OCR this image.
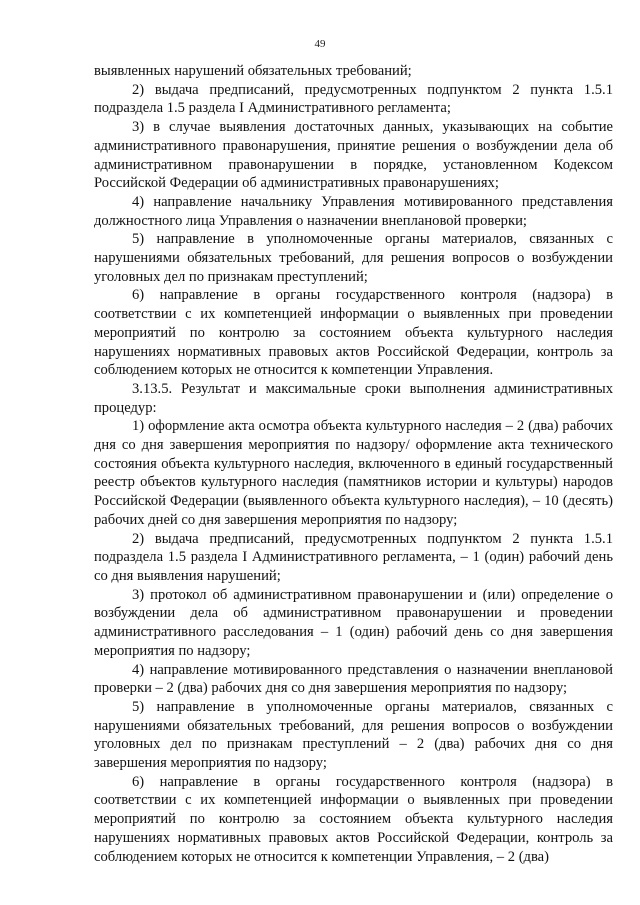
49

выявленных нарушений обязательных требований;

2) выдача предписаний, предусмотренных подпунктом 2 пункта 1.5.1 подраздела 1.5 раздела I Административного регламента;

3) в случае выявления достаточных данных, указывающих на событие административного правонарушения, принятие решения о возбуждении дела об административном правонарушении в порядке, установленном Кодексом Российской Федерации об административных правонарушениях;

4) направление начальнику Управления мотивированного представления должностного лица Управления о назначении внеплановой проверки;

5) направление в уполномоченные органы материалов, связанных с нарушениями обязательных требований, для решения вопросов о возбуждении уголовных дел по признакам преступлений;

6) направление в органы государственного контроля (надзора) в соответствии с их компетенцией информации о выявленных при проведении мероприятий по контролю за состоянием объекта культурного наследия нарушениях нормативных правовых актов Российской Федерации, контроль за соблюдением которых не относится к компетенции Управления.

3.13.5. Результат и максимальные сроки выполнения административных процедур:

1) оформление акта осмотра объекта культурного наследия – 2 (два) рабочих дня со дня завершения мероприятия по надзору/ оформление акта технического состояния объекта культурного наследия, включенного в единый государственный реестр объектов культурного наследия (памятников истории и культуры) народов Российской Федерации (выявленного объекта культурного наследия), – 10 (десять) рабочих дней со дня завершения мероприятия по надзору;

2) выдача предписаний, предусмотренных подпунктом 2 пункта 1.5.1 подраздела 1.5 раздела I Административного регламента, – 1 (один) рабочий день со дня выявления нарушений;

3) протокол об административном правонарушении и (или) определение о возбуждении дела об административном правонарушении и проведении административного расследования – 1 (один) рабочий день со дня завершения мероприятия по надзору;

4) направление мотивированного представления о назначении внеплановой проверки – 2 (два) рабочих дня со дня завершения мероприятия по надзору;

5) направление в уполномоченные органы материалов, связанных с нарушениями обязательных требований, для решения вопросов о возбуждении уголовных дел по признакам преступлений – 2 (два) рабочих дня со дня завершения мероприятия по надзору;

6) направление в органы государственного контроля (надзора) в соответствии с их компетенцией информации о выявленных при проведении мероприятий по контролю за состоянием объекта культурного наследия нарушениях нормативных правовых актов Российской Федерации, контроль за соблюдением которых не относится к компетенции Управления, – 2 (два)
